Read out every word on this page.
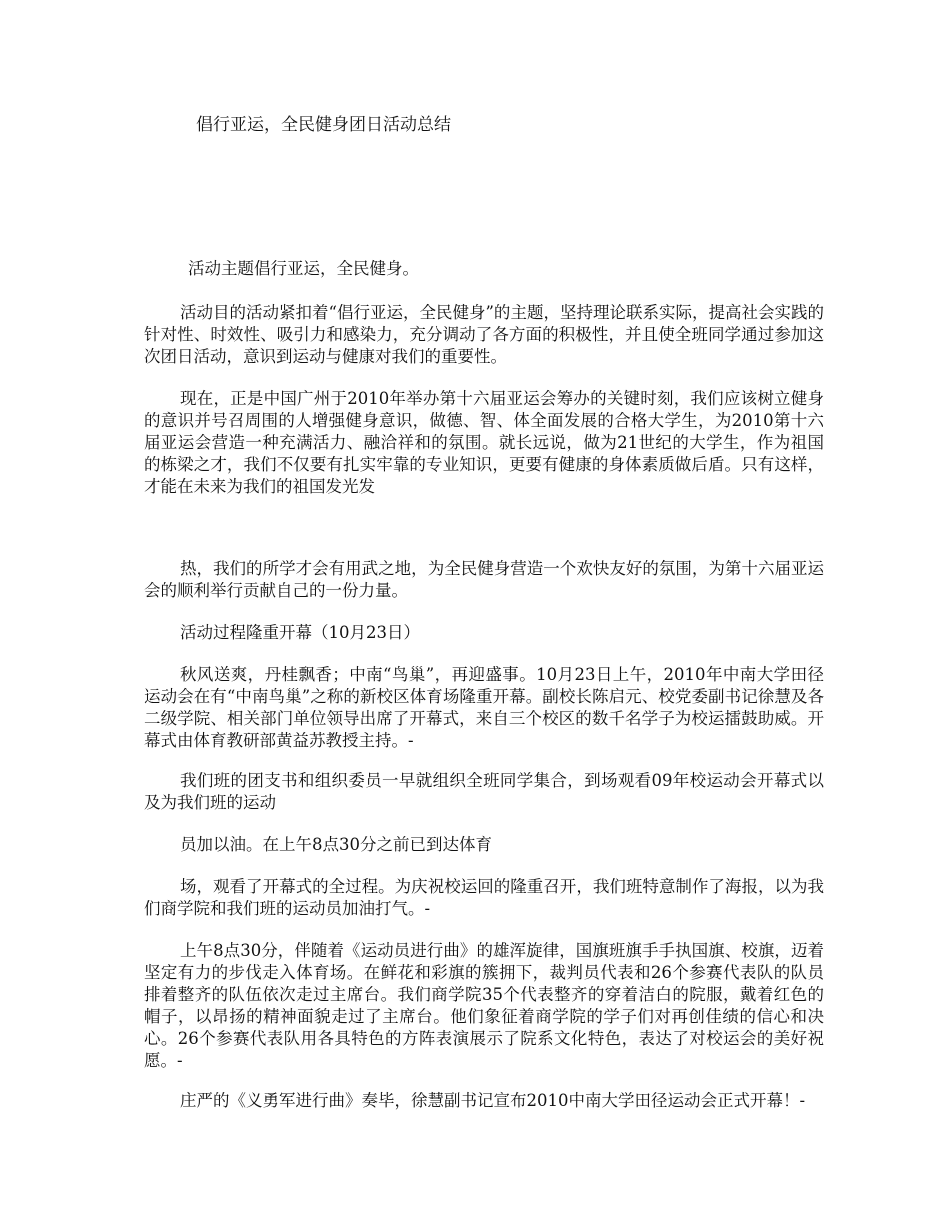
倡行亚运，全民健身团日活动总结

活动主题倡行亚运，全民健身。

活动目的活动紧扣着“倡行亚运，全民健身”的主题，坚持理论联系实际，提高社会实践的针对性、时效性、吸引力和感染力，充分调动了各方面的积极性，并且使全班同学通过参加这次团日活动，意识到运动与健康对我们的重要性。

现在，正是中国广州于2010年举办第十六届亚运会筹办的关键时刻，我们应该树立健身的意识并号召周围的人增强健身意识，做德、智、体全面发展的合格大学生，为2010第十六届亚运会营造一种充满活力、融洽祥和的氛围。就长远说，做为21世纪的大学生，作为祖国的栋梁之才，我们不仅要有扎实牢靠的专业知识，更要有健康的身体素质做后盾。只有这样，才能在未来为我们的祖国发光发

热，我们的所学才会有用武之地，为全民健身营造一个欢快友好的氛围，为第十六届亚运会的顺利举行贡献自己的一份力量。

活动过程隆重开幕（10月23日）

秋风送爽，丹桂飘香；中南“鸟巢”，再迎盛事。10月23日上午，2010年中南大学田径运动会在有“中南鸟巢”之称的新校区体育场隆重开幕。副校长陈启元、校党委副书记徐慧及各二级学院、相关部门单位领导出席了开幕式，来自三个校区的数千名学子为校运擂鼓助威。开幕式由体育教研部黄益苏教授主持。-

我们班的团支书和组织委员一早就组织全班同学集合，到场观看09年校运动会开幕式以及为我们班的运动

员加以油。在上午8点30分之前已到达体育

场，观看了开幕式的全过程。为庆祝校运回的隆重召开，我们班特意制作了海报，以为我们商学院和我们班的运动员加油打气。-

上午8点30分，伴随着《运动员进行曲》的雄浑旋律，国旗班旗手手执国旗、校旗，迈着坚定有力的步伐走入体育场。在鲜花和彩旗的簇拥下，裁判员代表和26个参赛代表队的队员排着整齐的队伍依次走过主席台。我们商学院35个代表整齐的穿着洁白的院服，戴着红色的帽子，以昂扬的精神面貌走过了主席台。他们象征着商学院的学子们对再创佳绩的信心和决心。26个参赛代表队用各具特色的方阵表演展示了院系文化特色，表达了对校运会的美好祝愿。-

庄严的《义勇军进行曲》奏毕，徐慧副书记宣布2010中南大学田径运动会正式开幕！-
